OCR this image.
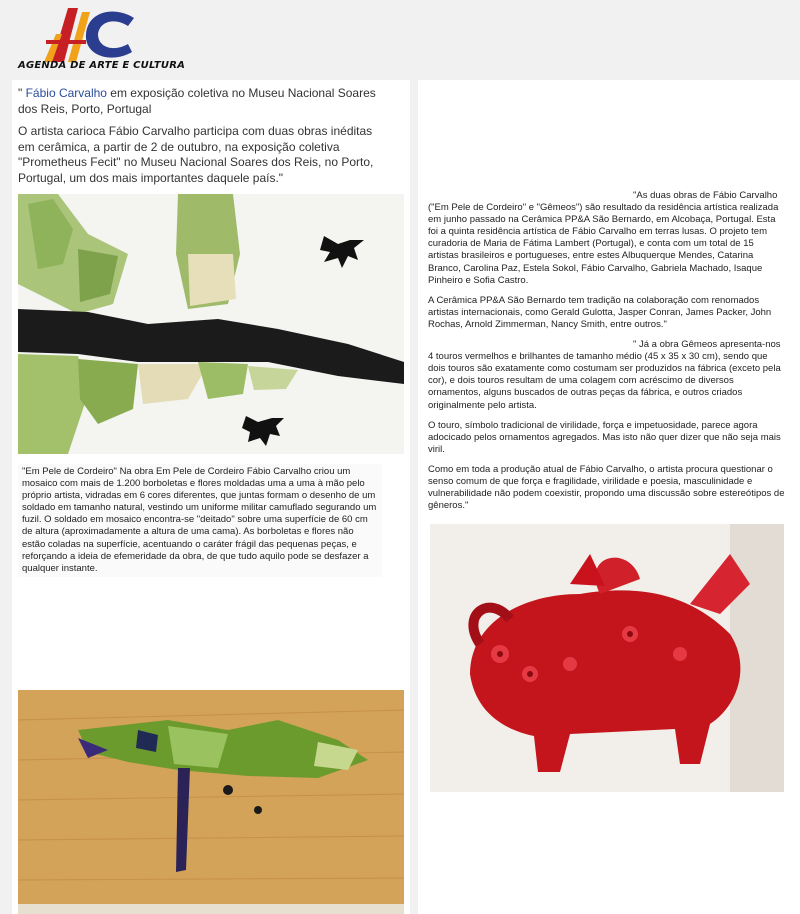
AGENDA DE ARTE E CULTURA

" Fábio Carvalho em exposição coletiva no Museu Nacional Soares dos Reis, Porto, Portugal

O artista carioca Fábio Carvalho participa com duas obras inéditas em cerâmica, a partir de 2 de outubro, na exposição coletiva "Prometheus Fecit" no Museu Nacional Soares dos Reis, no Porto, Portugal, um dos mais importantes daquele país."

"Em Pele de Cordeiro" Na obra Em Pele de Cordeiro Fábio Carvalho criou um mosaico com mais de 1.200 borboletas e flores moldadas uma a uma à mão pelo próprio artista, vidradas em 6 cores diferentes, que juntas formam o desenho de um soldado em tamanho natural, vestindo um uniforme militar camuflado segurando um fuzil. O soldado em mosaico encontra-se "deitado" sobre uma superfície de 60 cm de altura (aproximadamente a altura de uma cama). As borboletas e flores não estão coladas na superfície, acentuando o caráter frágil das pequenas peças, e reforçando a ideia de efemeridade da obra, de que tudo aquilo pode se desfazer a qualquer instante.

"As duas obras de Fábio Carvalho ("Em Pele de Cordeiro" e "Gêmeos") são resultado da residência artística realizada em junho passado na Cerâmica PP&A São Bernardo, em Alcobaça, Portugal. Esta foi a quinta residência artística de Fábio Carvalho em terras lusas. O projeto tem curadoria de Maria de Fátima Lambert (Portugal), e conta com um total de 15 artistas brasileiros e portugueses, entre estes Albuquerque Mendes, Catarina Branco, Carolina Paz, Estela Sokol, Fábio Carvalho, Gabriela Machado, Isaque Pinheiro e Sofia Castro.

A Cerâmica PP&A São Bernardo tem tradição na colaboração com renomados artistas internacionais, como Gerald Gulotta, Jasper Conran, James Packer, John Rochas, Arnold Zimmerman, Nancy Smith, entre outros."

" Já a obra Gêmeos apresenta-nos 4 touros vermelhos e brilhantes de tamanho médio (45 x 35 x 30 cm), sendo que dois touros são exatamente como costumam ser produzidos na fábrica (exceto pela cor), e dois touros resultam de uma colagem com acréscimo de diversos ornamentos, alguns buscados de outras peças da fábrica, e outros criados originalmente pelo artista.

O touro, símbolo tradicional de virilidade, força e impetuosidade, parece agora adocicado pelos ornamentos agregados. Mas isto não quer dizer que não seja mais viril.

Como em toda a produção atual de Fábio Carvalho, o artista procura questionar o senso comum de que força e fragilidade, virilidade e poesia, masculinidade e vulnerabilidade não podem coexistir, propondo uma discussão sobre estereótipos de gêneros."
